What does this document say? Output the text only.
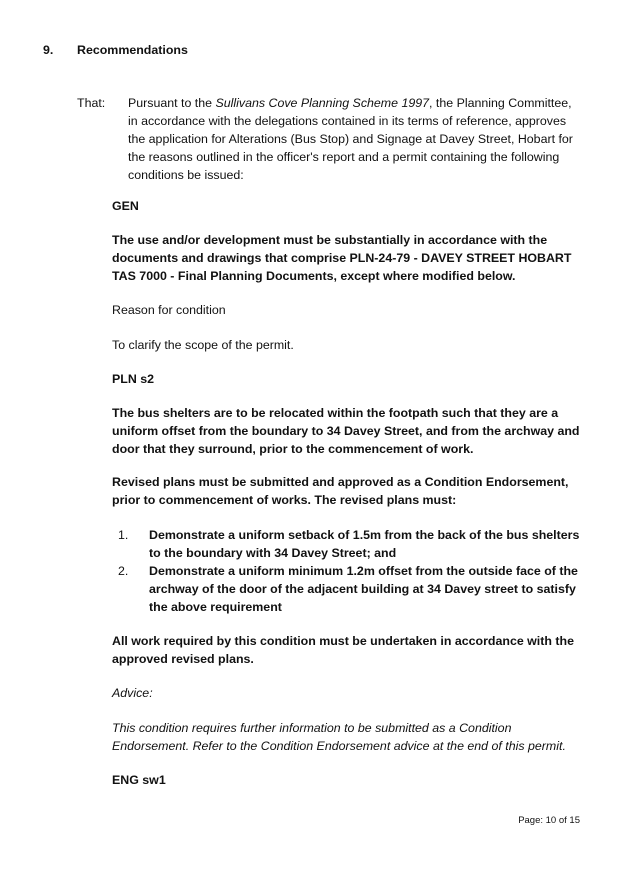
9. Recommendations
That: Pursuant to the Sullivans Cove Planning Scheme 1997, the Planning Committee, in accordance with the delegations contained in its terms of reference, approves the application for Alterations (Bus Stop) and Signage at Davey Street, Hobart for the reasons outlined in the officer's report and a permit containing the following conditions be issued:
GEN
The use and/or development must be substantially in accordance with the documents and drawings that comprise PLN-24-79 - DAVEY STREET HOBART TAS 7000 - Final Planning Documents, except where modified below.
Reason for condition
To clarify the scope of the permit.
PLN s2
The bus shelters are to be relocated within the footpath such that they are a uniform offset from the boundary to 34 Davey Street, and from the archway and door that they surround, prior to the commencement of work.
Revised plans must be submitted and approved as a Condition Endorsement, prior to commencement of works. The revised plans must:
1. Demonstrate a uniform setback of 1.5m from the back of the bus shelters to the boundary with 34 Davey Street; and
2. Demonstrate a uniform minimum 1.2m offset from the outside face of the archway of the door of the adjacent building at 34 Davey street to satisfy the above requirement
All work required by this condition must be undertaken in accordance with the approved revised plans.
Advice:
This condition requires further information to be submitted as a Condition Endorsement. Refer to the Condition Endorsement advice at the end of this permit.
ENG sw1
Page: 10 of 15
